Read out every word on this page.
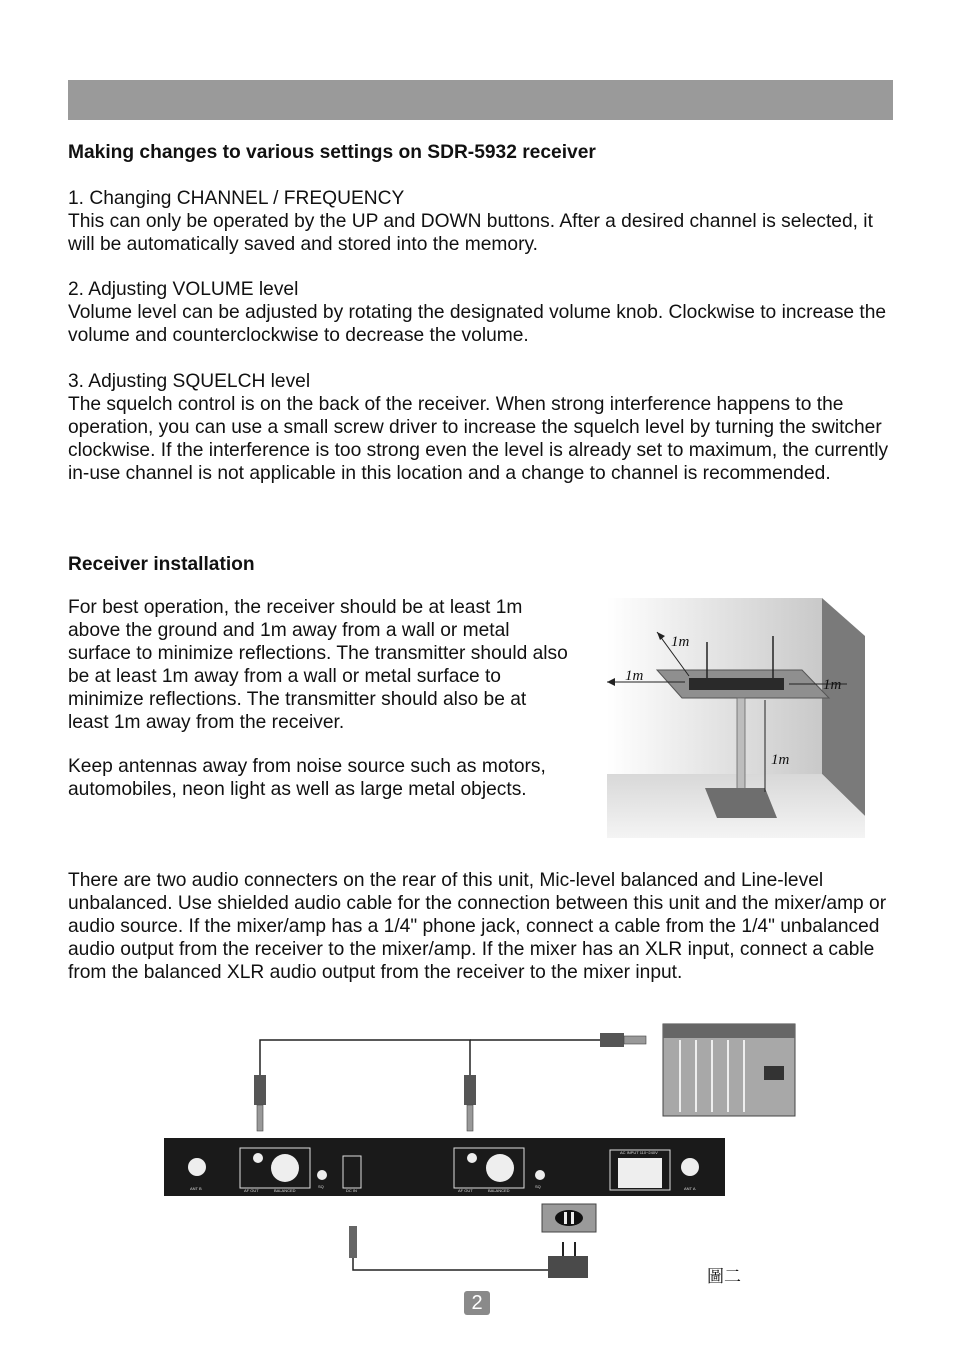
Making changes to various settings on SDR-5932 receiver

1. Changing CHANNEL / FREQUENCY

This can only be operated by the UP and DOWN buttons. After a desired channel is selected, it will be automatically saved and stored into the memory.

2. Adjusting VOLUME level

Volume level can be adjusted by rotating the designated volume knob. Clockwise to increase the volume and counterclockwise to decrease the volume.

3. Adjusting SQUELCH level

The squelch control is on the back of the receiver. When strong interference happens to the operation, you can use a small screw driver to increase the squelch level by turning the switcher clockwise. If the interference is too strong even the level is already set to maximum, the currently in-use channel is not applicable in this location and a change to channel is recommended.

Receiver installation
For best operation, the receiver should be at least 1m above the ground and 1m away from a wall or metal surface to minimize reflections. The transmitter should also be at least 1m away from a wall or metal surface to minimize reflections. The transmitter should also be at least 1m away from the receiver.
Keep antennas away from noise source such as motors, automobiles, neon light as well as large metal objects.
1m
1m
1m
1m
There are two audio connecters on the rear of this unit, Mic-level balanced and Line-level unbalanced. Use shielded audio cable for the connection between this unit and the mixer/amp or audio source. If the mixer/amp has a 1/4" phone jack, connect a cable from the 1/4" unbalanced audio output from the receiver to the mixer/amp. If the mixer has an XLR input, connect a cable from the balanced XLR audio output from the receiver to the mixer input.
ANT B	AF OUT	BALANCED
SQ
DC IN	AF OUT	BALANCED
SQ
AC INPUT 110~240V
ANT A
圖二
2
